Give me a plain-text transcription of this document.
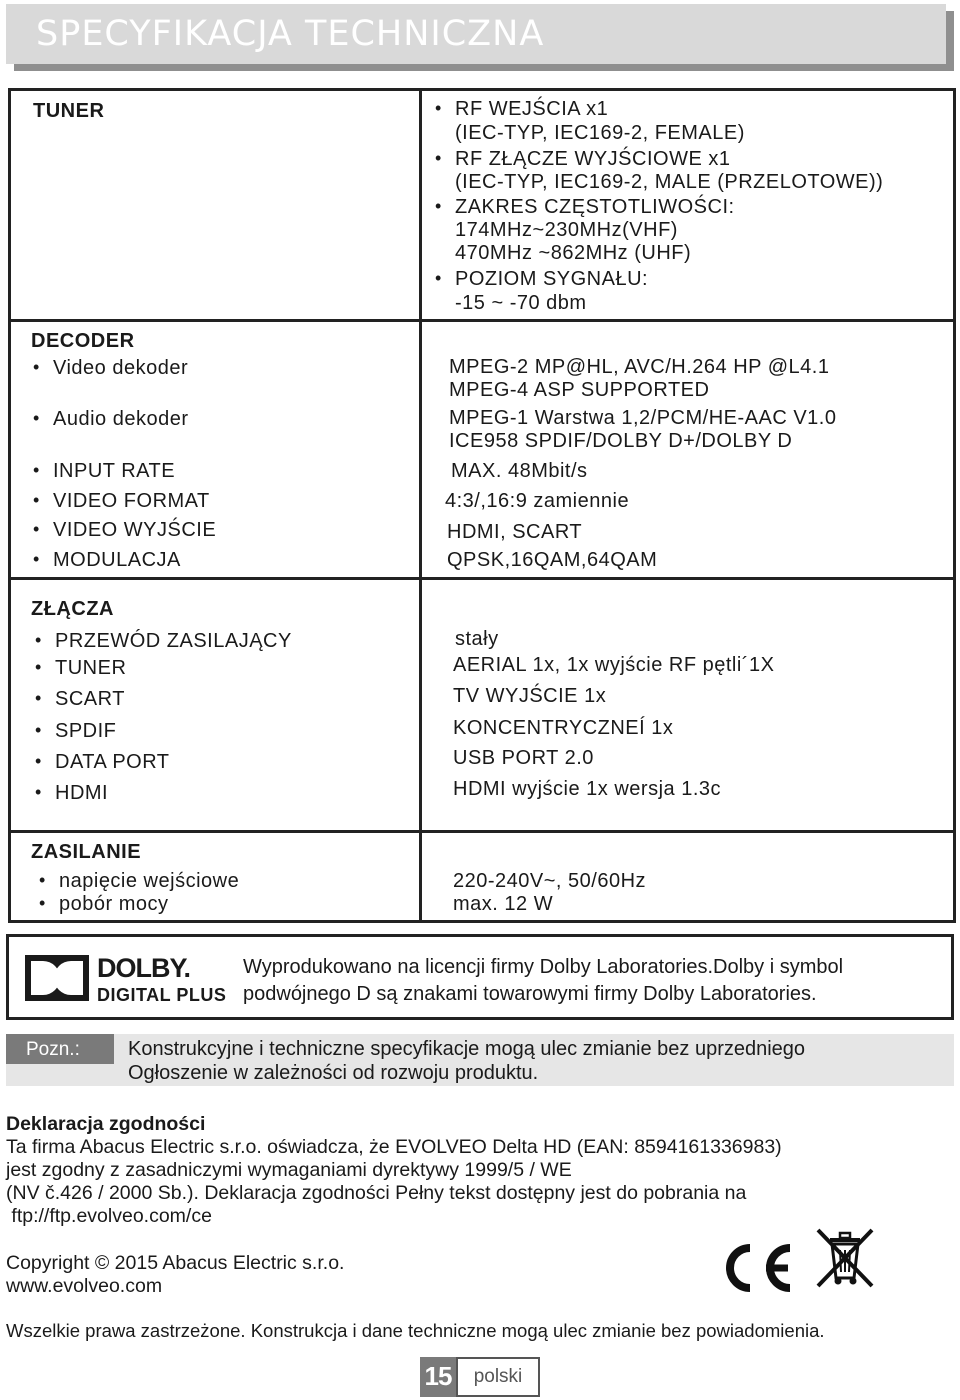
SPECYFIKACJA TECHNICZNA
TUNER
•	RF WEJŚCIA x1
(IEC-TYP, IEC169-2, FEMALE)
• RF ZŁĄCZE WYJŚCIOWE x1
(IEC-TYP, IEC169-2, MALE (PRZELOTOWE))
• ZAKRES CZĘSTOTLIWOŚCI:
174MHz~230MHz(VHF)
470MHz ~862MHz (UHF)
• POZIOM SYGNAŁU:
-15 ~ -70 dbm
DECODER
• Video dekoder
• Audio dekoder
• INPUT RATE
• VIDEO FORMAT
• VIDEO WYJŚCIE
• MODULACJA
MPEG-2 MP@HL, AVC/H.264 HP @L4.1
MPEG-4 ASP SUPPORTED
MPEG-1 Warstwa 1,2/PCM/HE-AAC V1.0
ICE958 SPDIF/DOLBY D+/DOLBY D
MAX. 48Mbit/s
4:3/,16:9 zamiennie
HDMI, SCART
QPSK,16QAM,64QAM
ZŁĄCZA
• PRZEWÓD ZASILAJĄCY
• TUNER
• SCART
• SPDIF
• DATA PORT
• HDMI
stały
AERIAL 1x, 1x wyjście RF pętli´1X
TV WYJŚCIE 1x
KONCENTRYCZNEÍ 1x
USB PORT 2.0
HDMI wyjście 1x wersja 1.3c
ZASILANIE
• napięcie wejściowe
• pobór mocy
220-240V~, 50/60Hz
max. 12 W
DOLBY.
DIGITAL PLUS
Wyprodukowano na licencji firmy Dolby Laboratories.Dolby i symbol
podwójnego D są znakami towarowymi firmy Dolby Laboratories.
Pozn.:	Konstrukcyjne i techniczne specyfikacje mogą ulec zmianie bez uprzedniego
Ogłoszenie w zależności od rozwoju produktu.
Deklaracja zgodności
Ta firma Abacus Electric s.r.o. oświadcza, że EVOLVEO Delta HD (EAN: 8594161336983)
jest zgodny z zasadniczymi wymaganiami dyrektywy 1999/5 / WE
(NV č.426 / 2000 Sb.). Deklaracja zgodności Pełny tekst dostępny jest do pobrania na
ftp://ftp.evolveo.com/ce
Copyright © 2015 Abacus Electric s.r.o.
www.evolveo.com
Wszelkie prawa zastrzeżone. Konstrukcja i dane techniczne mogą ulec zmianie bez powiadomienia.
15	polski
